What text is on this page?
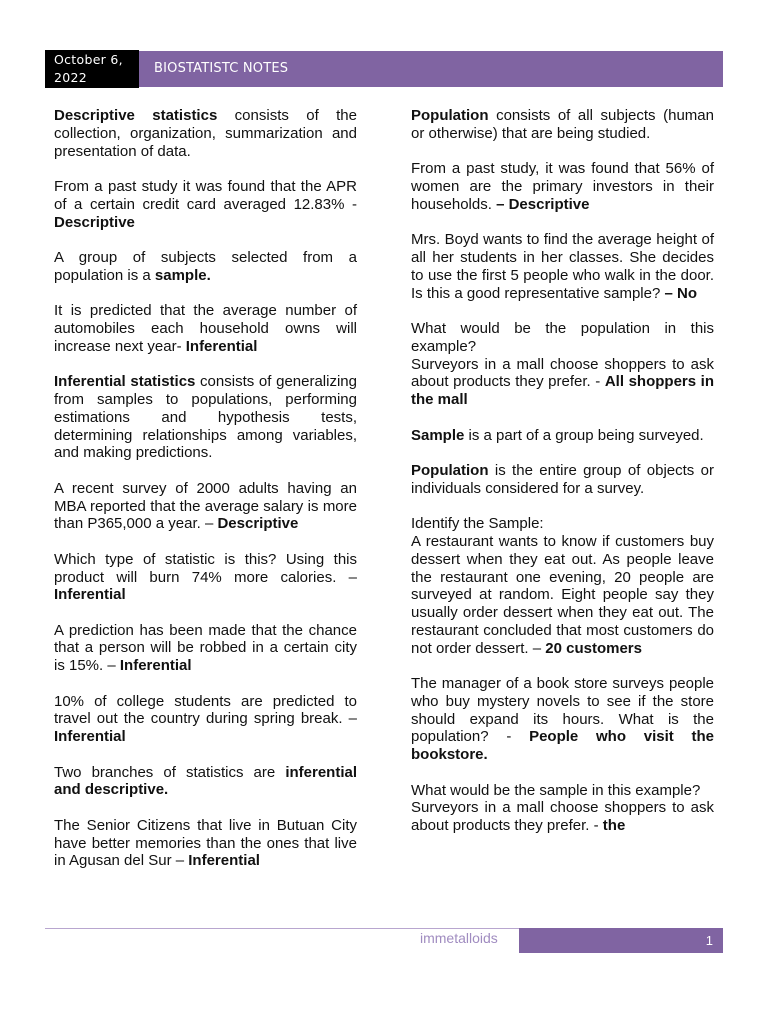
October 6, 2022
BIOSTATISTC NOTES

Descriptive statistics consists of the collection, organization, summarization and presentation of data.

From a past study it was found that the APR of a certain credit card averaged 12.83% - Descriptive

A group of subjects selected from a population is a sample.

It is predicted that the average number of automobiles each household owns will increase next year- Inferential

Inferential statistics consists of generalizing from samples to populations, performing estimations and hypothesis tests, determining relationships among variables, and making predictions.

A recent survey of 2000 adults having an MBA reported that the average salary is more than P365,000 a year. – Descriptive

Which type of statistic is this? Using this product will burn 74% more calories. – Inferential

A prediction has been made that the chance that a person will be robbed in a certain city is 15%. – Inferential

10% of college students are predicted to travel out the country during spring break. – Inferential

Two branches of statistics are inferential and descriptive.

The Senior Citizens that live in Butuan City have better memories than the ones that live in Agusan del Sur – Inferential

Population consists of all subjects (human or otherwise) that are being studied.

From a past study, it was found that 56% of women are the primary investors in their households. – Descriptive

Mrs. Boyd wants to find the average height of all her students in her classes. She decides to use the first 5 people who walk in the door. Is this a good representative sample? – No

What would be the population in this example?
Surveyors in a mall choose shoppers to ask about products they prefer. - All shoppers in the mall

Sample is a part of a group being surveyed.

Population is the entire group of objects or individuals considered for a survey.

Identify the Sample:
A restaurant wants to know if customers buy dessert when they eat out. As people leave the restaurant one evening, 20 people are surveyed at random. Eight people say they usually order dessert when they eat out. The restaurant concluded that most customers do not order dessert. – 20 customers

The manager of a book store surveys people who buy mystery novels to see if the store should expand its hours. What is the population? - People who visit the bookstore.

What would be the sample in this example?
Surveyors in a mall choose shoppers to ask about products they prefer. - the

immetalloids	1
